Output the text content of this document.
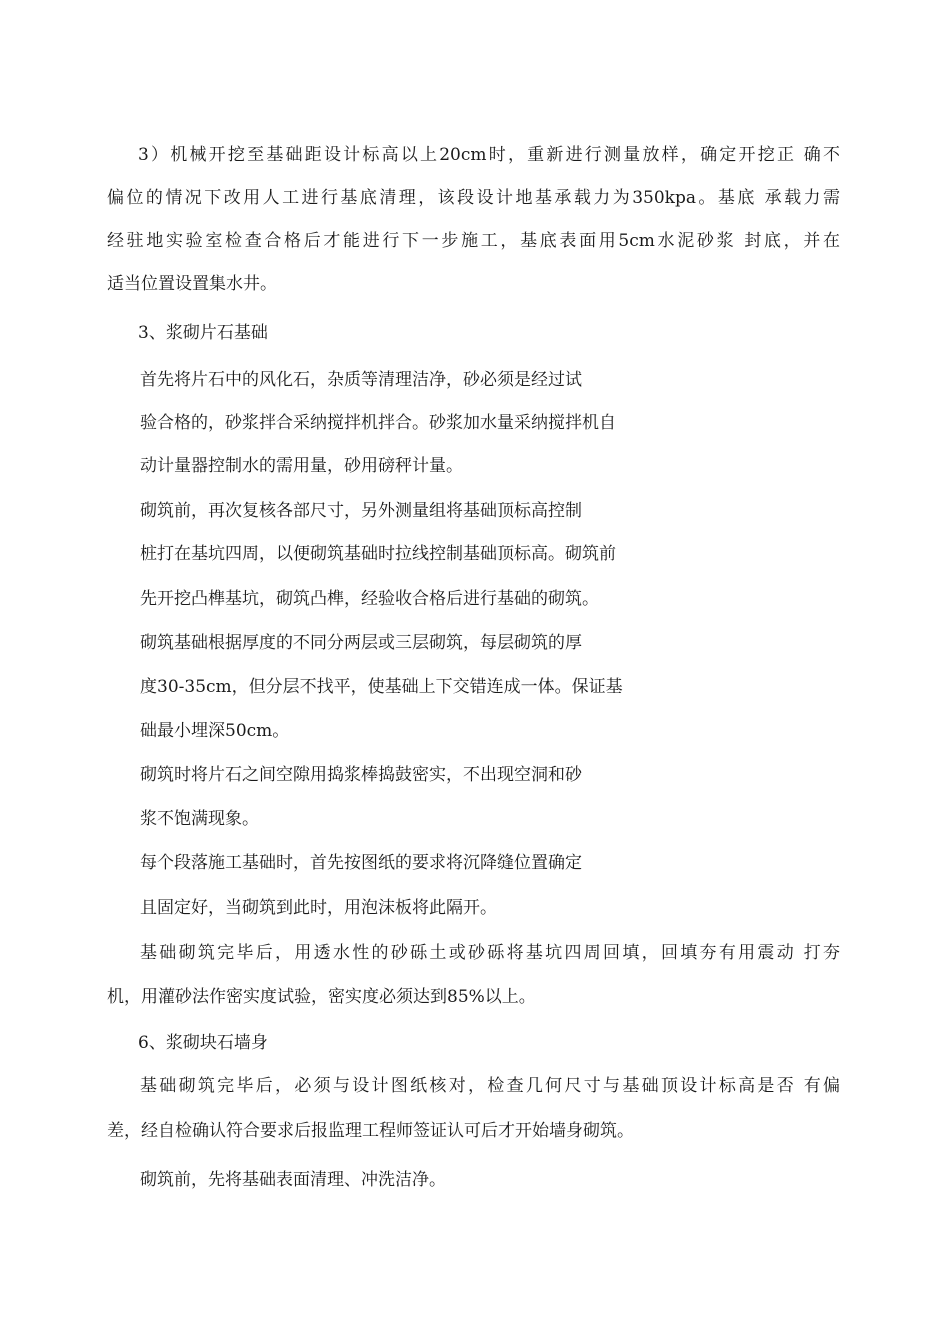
3）机械开挖至基础距设计标高以上20cm时，重新进行测量放样，确定开挖正 确不
偏位的情况下改用人工进行基底清理，该段设计地基承载力为350kpa。基底 承载力需
经驻地实验室检查合格后才能进行下一步施工，基底表面用5cm水泥砂浆 封底，并在
适当位置设置集水井。
3、浆砌片石基础
首先将片石中的风化石，杂质等清理洁净，砂必须是经过试
验合格的，砂浆拌合采纳搅拌机拌合。砂浆加水量采纳搅拌机自
动计量器控制水的需用量，砂用磅秤计量。
砌筑前，再次复核各部尺寸，另外测量组将基础顶标高控制
桩打在基坑四周，以便砌筑基础时拉线控制基础顶标高。砌筑前
先开挖凸榫基坑，砌筑凸榫，经验收合格后进行基础的砌筑。
砌筑基础根据厚度的不同分两层或三层砌筑，每层砌筑的厚
度30-35cm，但分层不找平，使基础上下交错连成一体。保证基
础最小埋深50cm。
砌筑时将片石之间空隙用捣浆棒捣鼓密实，不出现空洞和砂
浆不饱满现象。
每个段落施工基础时，首先按图纸的要求将沉降缝位置确定
且固定好，当砌筑到此时，用泡沫板将此隔开。
基础砌筑完毕后，用透水性的砂砾土或砂砾将基坑四周回填，回填夯有用震动 打夯
机，用灌砂法作密实度试验，密实度必须达到85%以上。
6、浆砌块石墙身
基础砌筑完毕后，必须与设计图纸核对，检查几何尺寸与基础顶设计标高是否 有偏
差，经自检确认符合要求后报监理工程师签证认可后才开始墙身砌筑。
砌筑前，先将基础表面清理、冲洗洁净。
